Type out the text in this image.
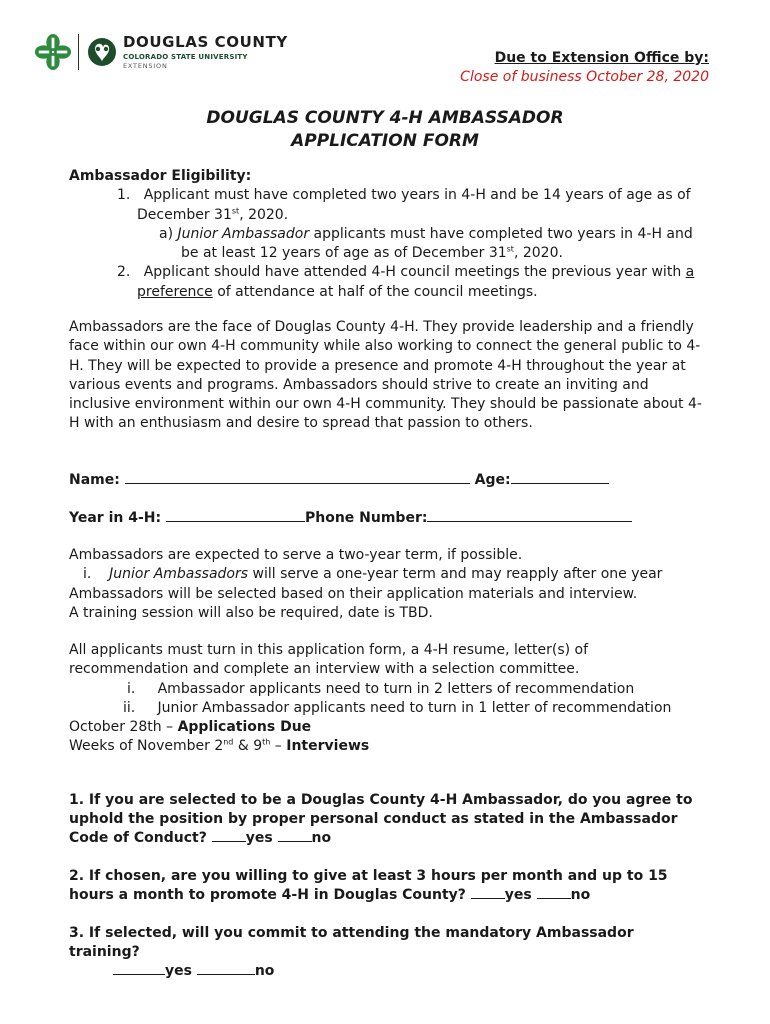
DOUGLAS COUNTY
COLORADO STATE UNIVERSITY
EXTENSION	Due to Extension Office by:
Close of business October 28, 2020
DOUGLAS COUNTY 4-H AMBASSADOR
APPLICATION FORM
Ambassador Eligibility:
1. Applicant must have completed two years in 4-H and be 14 years of age as of December 31st, 2020.
a) Junior Ambassador applicants must have completed two years in 4-H and be at least 12 years of age as of December 31st, 2020.
2. Applicant should have attended 4-H council meetings the previous year with a preference of attendance at half of the council meetings.
Ambassadors are the face of Douglas County 4-H. They provide leadership and a friendly face within our own 4-H community while also working to connect the general public to 4-H. They will be expected to provide a presence and promote 4-H throughout the year at various events and programs. Ambassadors should strive to create an inviting and inclusive environment within our own 4-H community. They should be passionate about 4-H with an enthusiasm and desire to spread that passion to others.
Name:	Age:
Year in 4-H:	Phone Number:
Ambassadors are expected to serve a two-year term, if possible.
i. Junior Ambassadors will serve a one-year term and may reapply after one year
Ambassadors will be selected based on their application materials and interview.
A training session will also be required, date is TBD.
All applicants must turn in this application form, a 4-H resume, letter(s) of recommendation and complete an interview with a selection committee.
i. Ambassador applicants need to turn in 2 letters of recommendation
ii. Junior Ambassador applicants need to turn in 1 letter of recommendation
October 28th – Applications Due
Weeks of November 2nd & 9th – Interviews
1. If you are selected to be a Douglas County 4-H Ambassador, do you agree to uphold the position by proper personal conduct as stated in the Ambassador Code of Conduct?	yes	no
2. If chosen, are you willing to give at least 3 hours per month and up to 15 hours a month to promote 4-H in Douglas County?	yes	no
3. If selected, will you commit to attending the mandatory Ambassador training?
yes	no
